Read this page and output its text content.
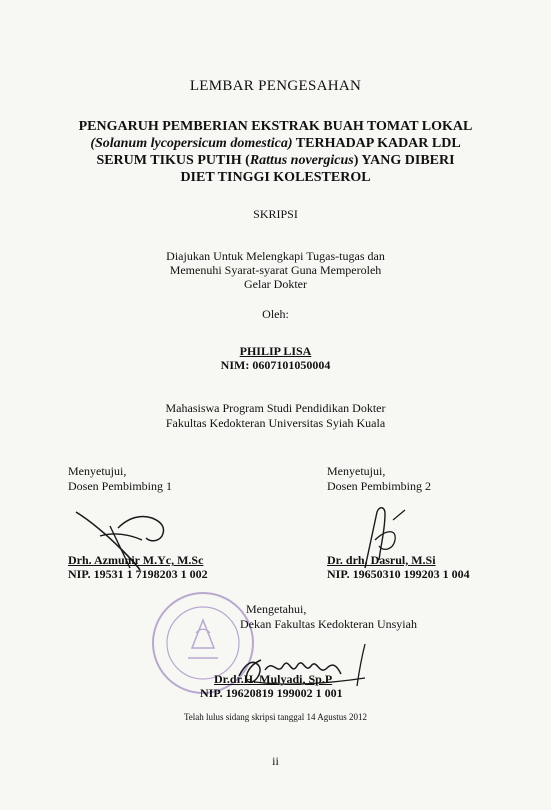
LEMBAR PENGESAHAN
PENGARUH PEMBERIAN EKSTRAK BUAH TOMAT LOKAL
(Solanum lycopersicum domestica) TERHADAP KADAR LDL
SERUM TIKUS PUTIH (Rattus novergicus) YANG DIBERI
DIET TINGGI KOLESTEROL
SKRIPSI
Diajukan Untuk Melengkapi Tugas-tugas dan
Memenuhi Syarat-syarat Guna Memperoleh
Gelar Dokter
Oleh:
PHILIP LISA
NIM: 0607101050004
Mahasiswa Program Studi Pendidikan Dokter
Fakultas Kedokteran Universitas Syiah Kuala
Menyetujui,
Dosen Pembimbing 1
Menyetujui,
Dosen Pembimbing 2
Drh. Azmunir M.Yc, M.Sc
NIP. 19531 1 7198203 1 002
Dr. drh. Dasrul, M.Si
NIP. 19650310 199203 1 004
Mengetahui,
Dekan Fakultas Kedokteran Unsyiah
Dr.dr.H. Mulyadi, Sp.P
NIP. 19620819 199002 1 001
Telah lulus sidang skripsi tanggal 14 Agustus 2012
ii
